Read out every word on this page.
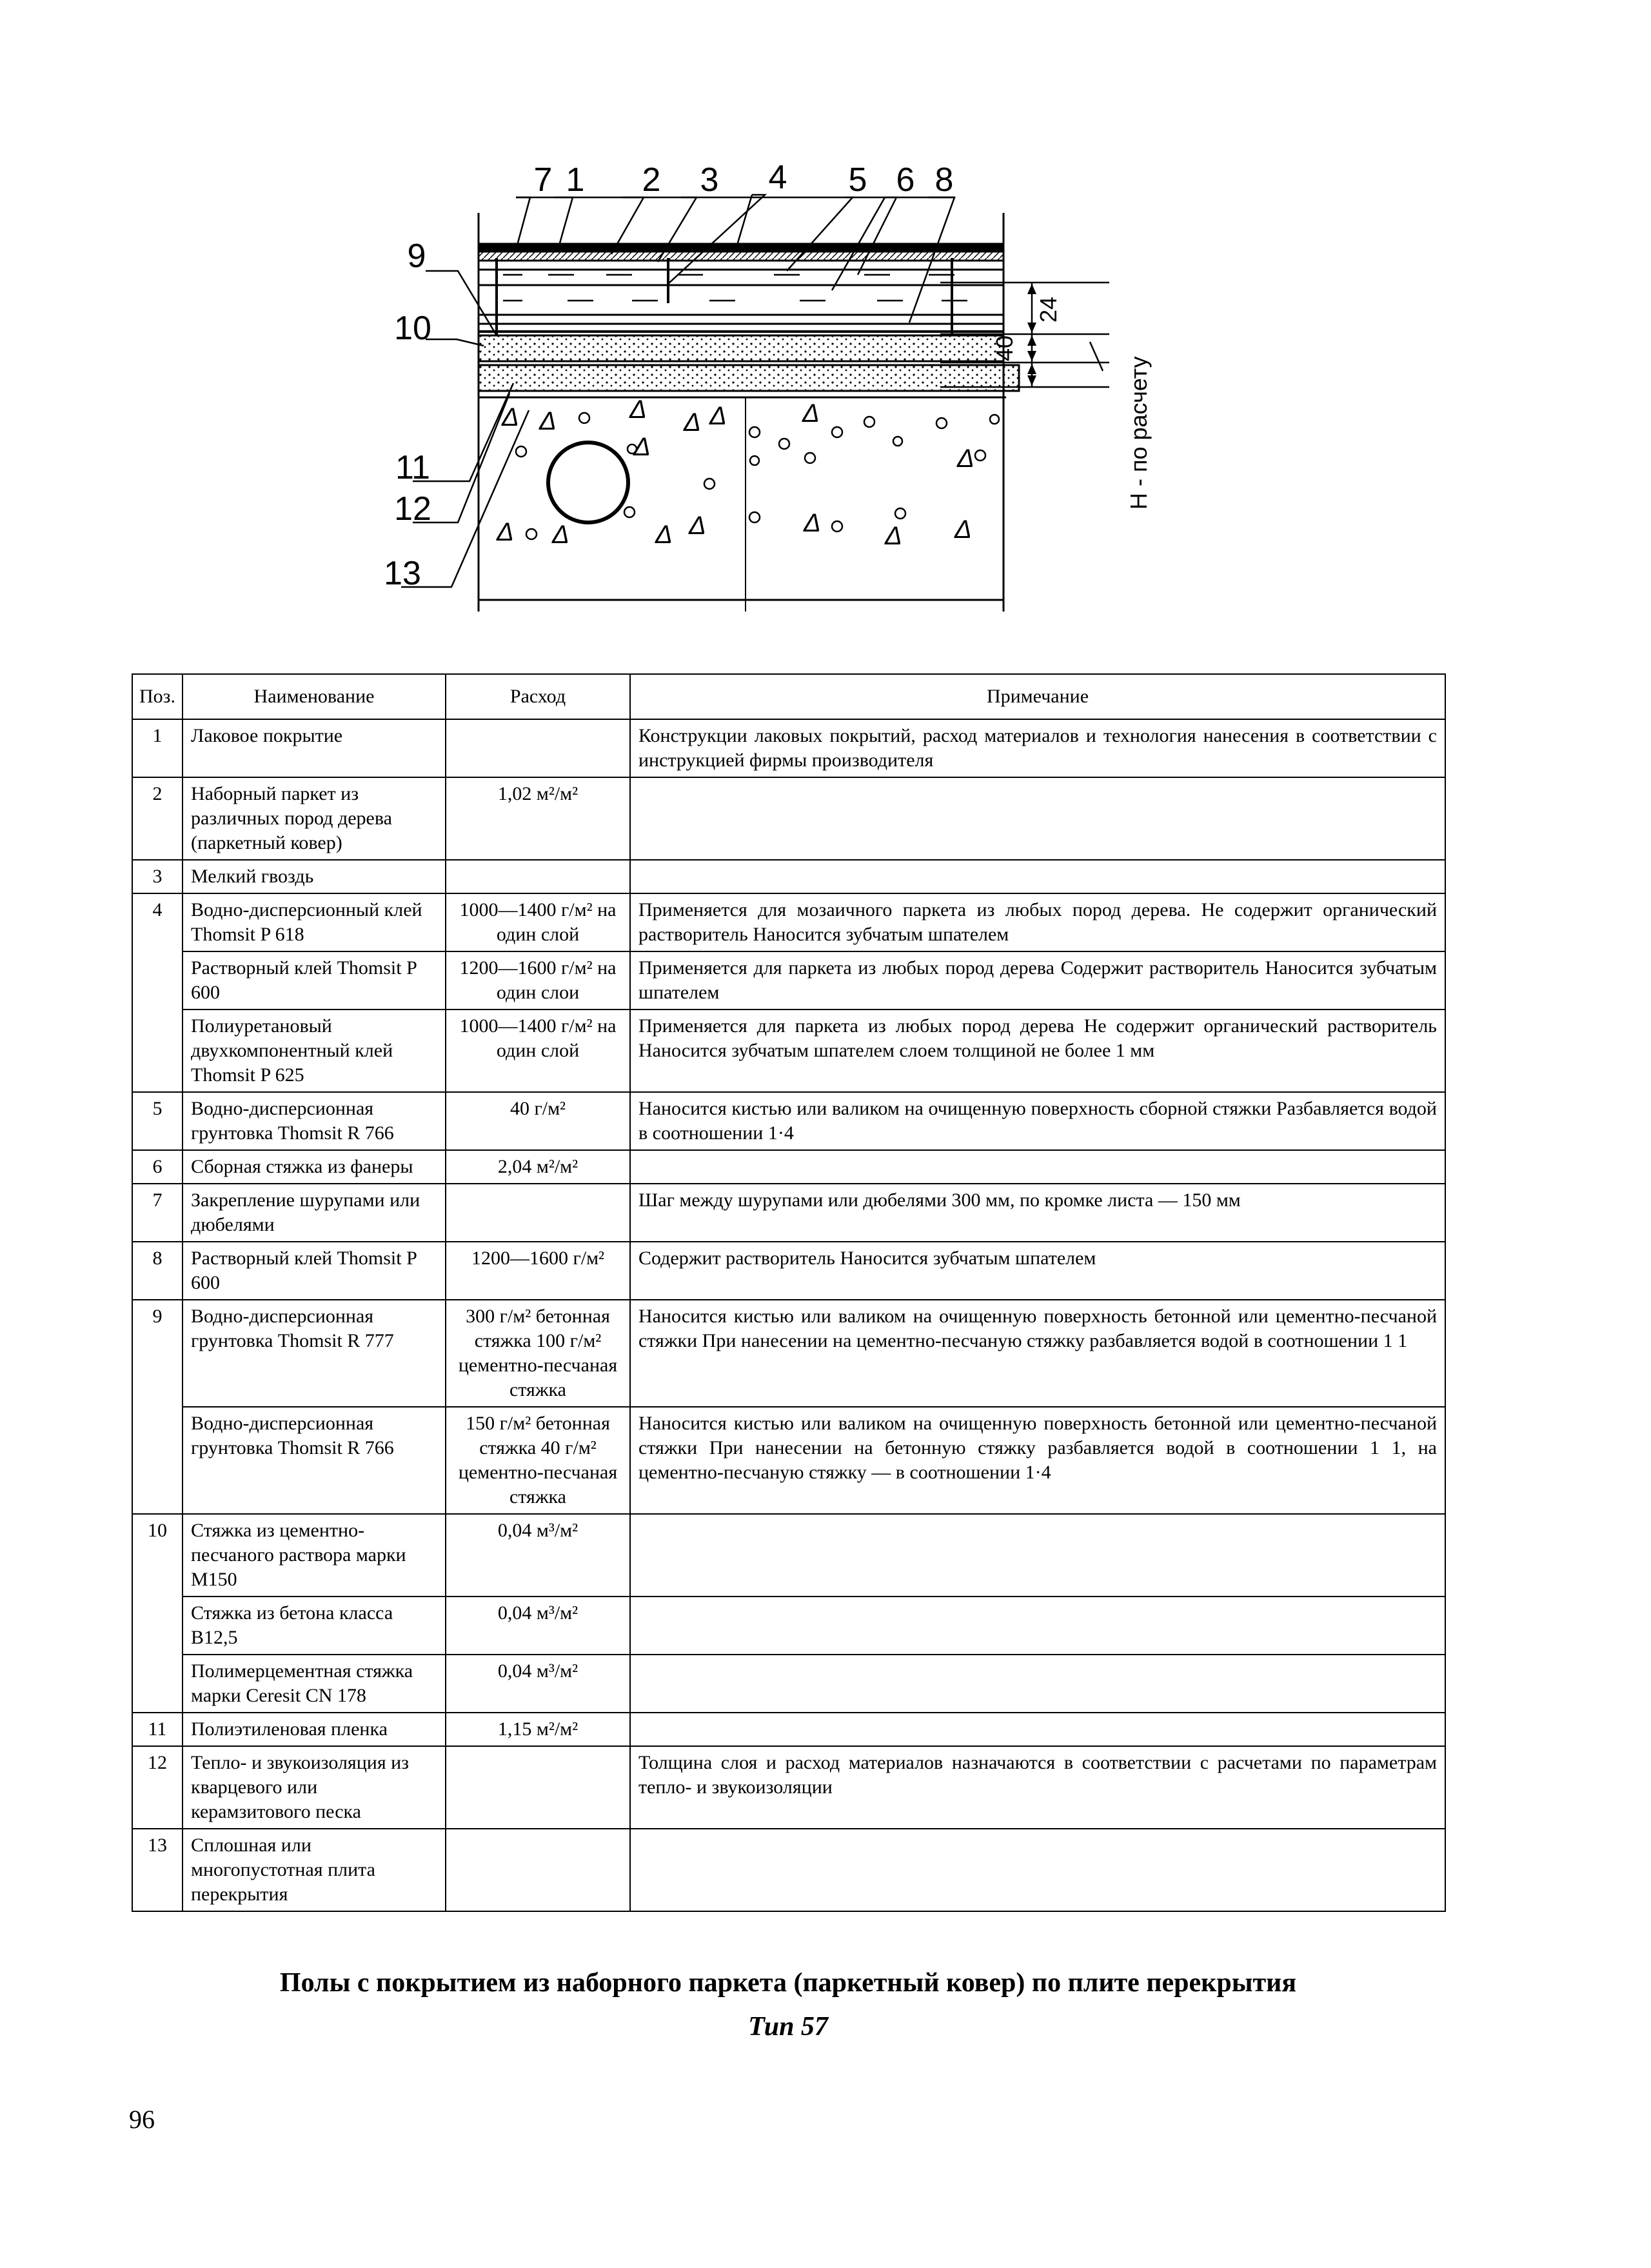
Δ Δ	Δ
Δ
Δ Δ	Δ
Δ
Δ Δ	Δ Δ	Δ Δ Δ
7 1 2 3 4 5 6 8
9
10
11
12
13
24
40
H - по расчету
Поз.	Наименование	Расход	Примечание
1	Лаковое покрытие		Конструкции лаковых покрытий, расход материалов и технология нанесения в соответствии с инструкцией фирмы производителя
2	Наборный паркет из различных пород дерева (паркетный ковер)	1,02 м²/м²	
3	Мелкий гвоздь		
4	Водно-дисперсионный клей Thomsit P 618	1000—1400 г/м² на один слой	Применяется для мозаичного паркета из любых пород дерева. Не содержит органический растворитель Наносится зубчатым шпателем
	Растворный клей Thomsit P 600	1200—1600 г/м² на один слои	Применяется для паркета из любых пород дерева Содержит растворитель Наносится зубчатым шпателем
	Полиуретановый двухкомпонентный клей Thomsit P 625	1000—1400 г/м² на один слой	Применяется для паркета из любых пород дерева Не содержит органический растворитель Наносится зубчатым шпателем слоем толщиной не более 1 мм
5	Водно-дисперсионная грунтовка Thomsit R 766	40 г/м²	Наносится кистью или валиком на очищенную поверхность сборной стяжки Разбавляется водой в соотношении 1·4
6	Сборная стяжка из фанеры	2,04 м²/м²	
7	Закрепление шурупами или дюбелями		Шаг между шурупами или дюбелями 300 мм, по кромке листа — 150 мм
8	Растворный клей Thomsit P 600	1200—1600 г/м²	Содержит растворитель Наносится зубчатым шпателем
9	Водно-дисперсионная грунтовка Thomsit R 777	300 г/м² бетонная стяжка 100 г/м² цементно-песчаная стяжка	Наносится кистью или валиком на очищенную поверхность бетонной или цементно-песчаной стяжки При нанесении на цементно-песчаную стяжку разбавляется водой в соотношении 1 1
	Водно-дисперсионная грунтовка Thomsit R 766	150 г/м² бетонная стяжка 40 г/м² цементно-песчаная стяжка	Наносится кистью или валиком на очищенную поверхность бетонной или цементно-песчаной стяжки При нанесении на бетонную стяжку разбавляется водой в соотношении 1 1, на цементно-песчаную стяжку — в соотношении 1·4
10	Стяжка из цементно-песчаного раствора марки М150	0,04 м³/м²	
	Стяжка из бетона класса В12,5	0,04 м³/м²	
	Полимерцементная стяжка марки Ceresit CN 178	0,04 м³/м²	
11	Полиэтиленовая пленка	1,15 м²/м²	
12	Тепло- и звукоизоляция из кварцевого или керамзитового песка		Толщина слоя и расход материалов назначаются в соответствии с расчетами по параметрам тепло- и звукоизоляции
13	Сплошная или многопустотная плита перекрытия		
Полы с покрытием из наборного паркета (паркетный ковер) по плите перекрытия
Тип 57
96
